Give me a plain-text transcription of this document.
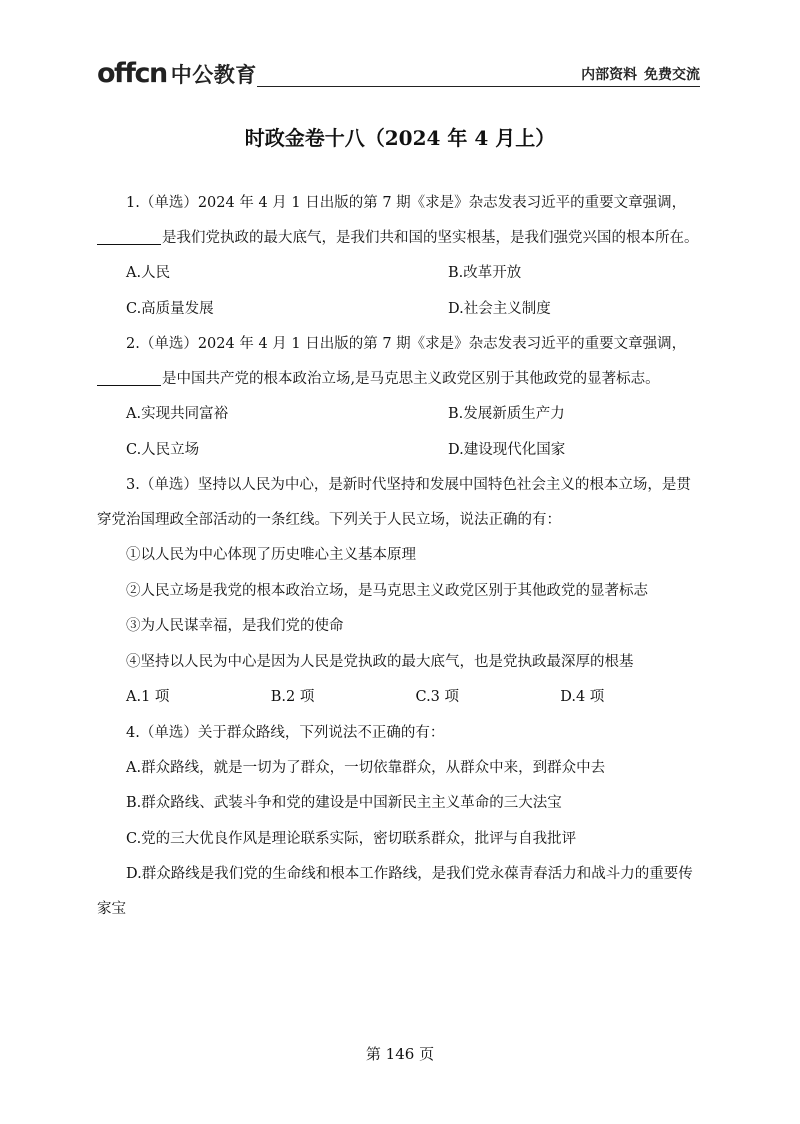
offcn 中公教育	内部资料 免费交流
时政金卷十八（2024 年 4 月上）

1.（单选）2024 年 4 月 1 日出版的第 7 期《求是》杂志发表习近平的重要文章强调，
是我们党执政的最大底气，是我们共和国的坚实根基，是我们强党兴国的根本所在。

A.人民	B.改革开放
C.高质量发展	D.社会主义制度

2.（单选）2024 年 4 月 1 日出版的第 7 期《求是》杂志发表习近平的重要文章强调，
是中国共产党的根本政治立场,是马克思主义政党区别于其他政党的显著标志。

A.实现共同富裕	B.发展新质生产力
C.人民立场	D.建设现代化国家

3.（单选）坚持以人民为中心，是新时代坚持和发展中国特色社会主义的根本立场，是贯穿党治国理政全部活动的一条红线。下列关于人民立场，说法正确的有：

①以人民为中心体现了历史唯心主义基本原理

②人民立场是我党的根本政治立场，是马克思主义政党区别于其他政党的显著标志

③为人民谋幸福，是我们党的使命

④坚持以人民为中心是因为人民是党执政的最大底气，也是党执政最深厚的根基

A.1 项	B.2 项	C.3 项	D.4 项

4.（单选）关于群众路线，下列说法不正确的有：

A.群众路线，就是一切为了群众，一切依靠群众，从群众中来，到群众中去

B.群众路线、武装斗争和党的建设是中国新民主主义革命的三大法宝

C.党的三大优良作风是理论联系实际，密切联系群众，批评与自我批评

D.群众路线是我们党的生命线和根本工作路线，是我们党永葆青春活力和战斗力的重要传家宝

第 146 页
